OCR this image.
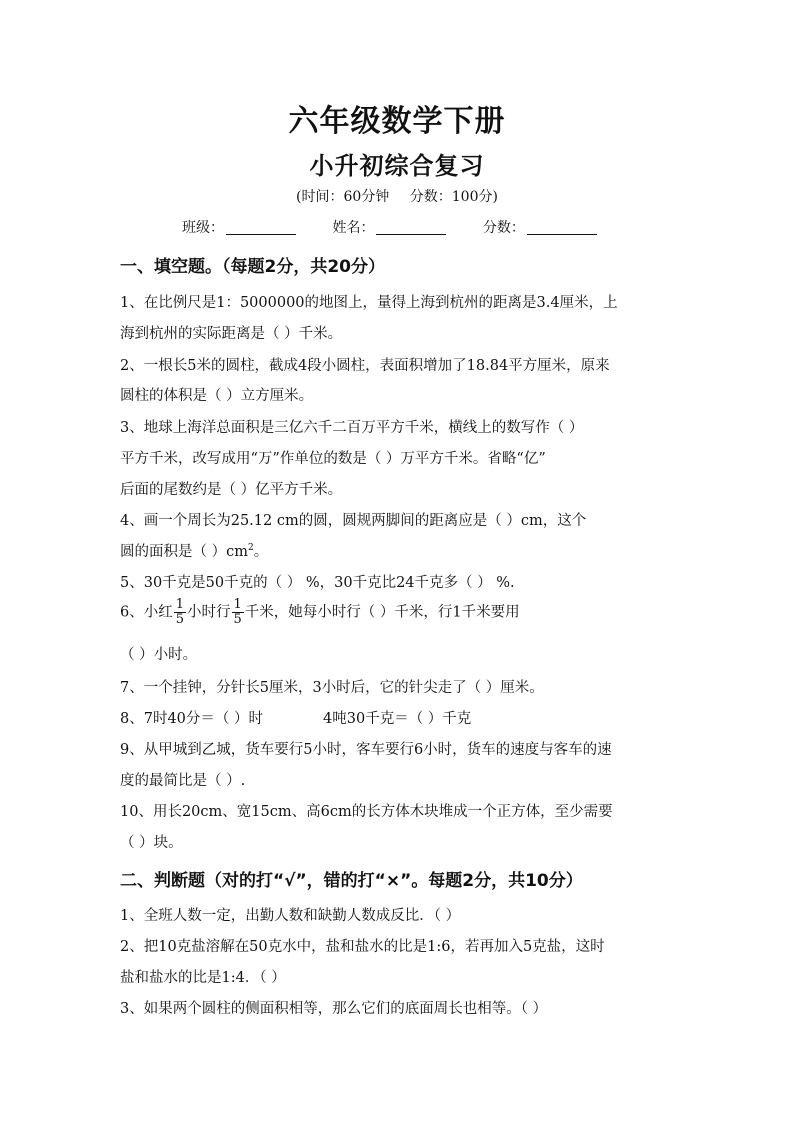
六年级数学下册
小升初综合复习
(时间：60分钟 分数：100分)
班级：	姓名：	分数：
一、填空题。（每题2分，共20分）
1、在比例尺是1：5000000的地图上，量得上海到杭州的距离是3.4厘米，上
海到杭州的实际距离是（ ）千米。
2、一根长5米的圆柱，截成4段小圆柱，表面积增加了18.84平方厘米，原来
圆柱的体积是（ ）立方厘米。
3、地球上海洋总面积是三亿六千二百万平方千米，横线上的数写作（ ）
平方千米，改写成用“万”作单位的数是（ ）万平方千米。省略“亿”
后面的尾数约是（ ）亿平方千米。
4、画一个周长为25.12 cm的圆，圆规两脚间的距离应是（ ）cm，这个
圆的面积是（ ）$cm^2$。
5、30千克是50千克的（ ） %，30千克比24千克多（ ） %.
6、小红 $\frac{1}{5}$ 小时行 $\frac{1}{5}$ 千米，她每小时行（ ）千米，行1千米要用
（ ）小时。
7、一个挂钟，分针长5厘米，3小时后，它的针尖走了（ ）厘米。
8、7时40分＝（ ）时	4吨30千克＝（ ）千克
9、从甲城到乙城，货车要行5小时，客车要行6小时，货车的速度与客车的速
度的最简比是（ ）.
10、用长20cm、宽15cm、高6cm的长方体木块堆成一个正方体，至少需要
（ ）块。
二、判断题（对的打“√”，错的打“×”。每题2分，共10分）
1、全班人数一定，出勤人数和缺勤人数成反比．（ ）
2、把10克盐溶解在50克水中，盐和盐水的比是1:6，若再加入5克盐，这时
盐和盐水的比是1:4．（ ）
3、如果两个圆柱的侧面积相等，那么它们的底面周长也相等。（ ）
